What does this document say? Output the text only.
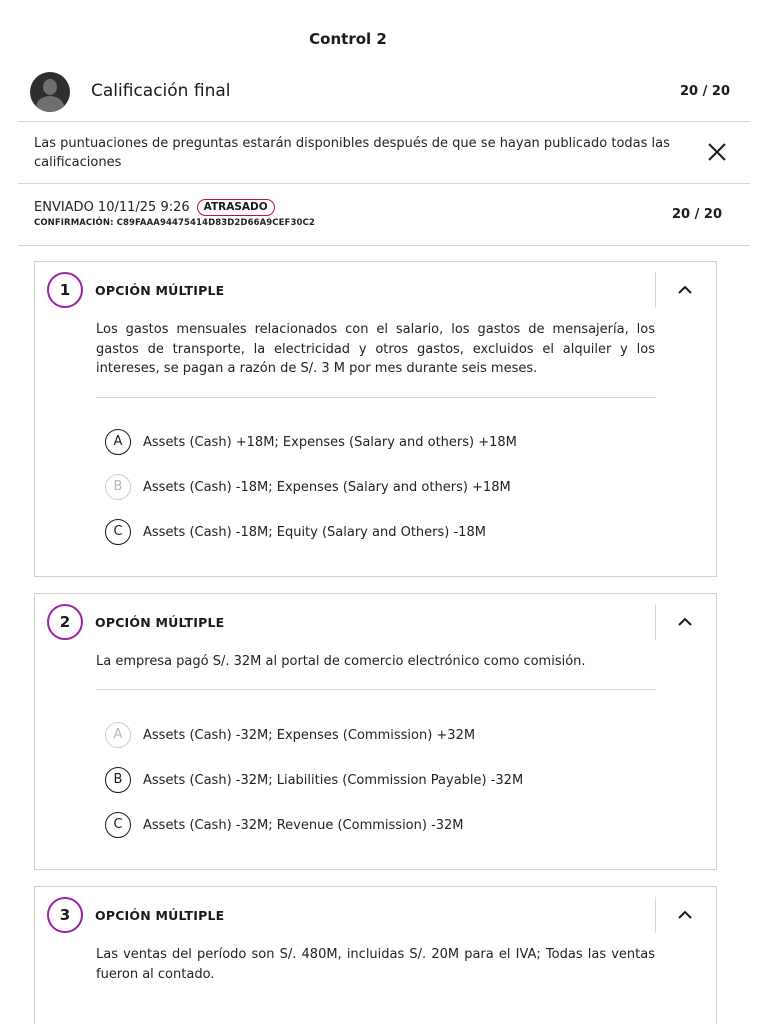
Control 2
Calificación final	20 / 20
Las puntuaciones de preguntas estarán disponibles después de que se hayan publicado todas las calificaciones
ENVIADO 10/11/25 9:26	ATRASADO
CONFIRMACIÓN: C89FAAA94475414D83D2D66A9CEF30C2
20 / 20
1	OPCIÓN MÚLTIPLE
Los gastos mensuales relacionados con el salario, los gastos de mensajería, los gastos de transporte, la electricidad y otros gastos, excluidos el alquiler y los intereses, se pagan a razón de S/. 3 M por mes durante seis meses.
A	Assets (Cash) +18M; Expenses (Salary and others) +18M
B	Assets (Cash) -18M; Expenses (Salary and others) +18M
C	Assets (Cash) -18M; Equity (Salary and Others) -18M
2	OPCIÓN MÚLTIPLE
La empresa pagó S/. 32M al portal de comercio electrónico como comisión.
A	Assets (Cash) -32M; Expenses (Commission) +32M
B	Assets (Cash) -32M; Liabilities (Commission Payable) -32M
C	Assets (Cash) -32M; Revenue (Commission) -32M
3	OPCIÓN MÚLTIPLE
Las ventas del período son S/. 480M, incluidas S/. 20M para el IVA; Todas las ventas fueron al contado.
